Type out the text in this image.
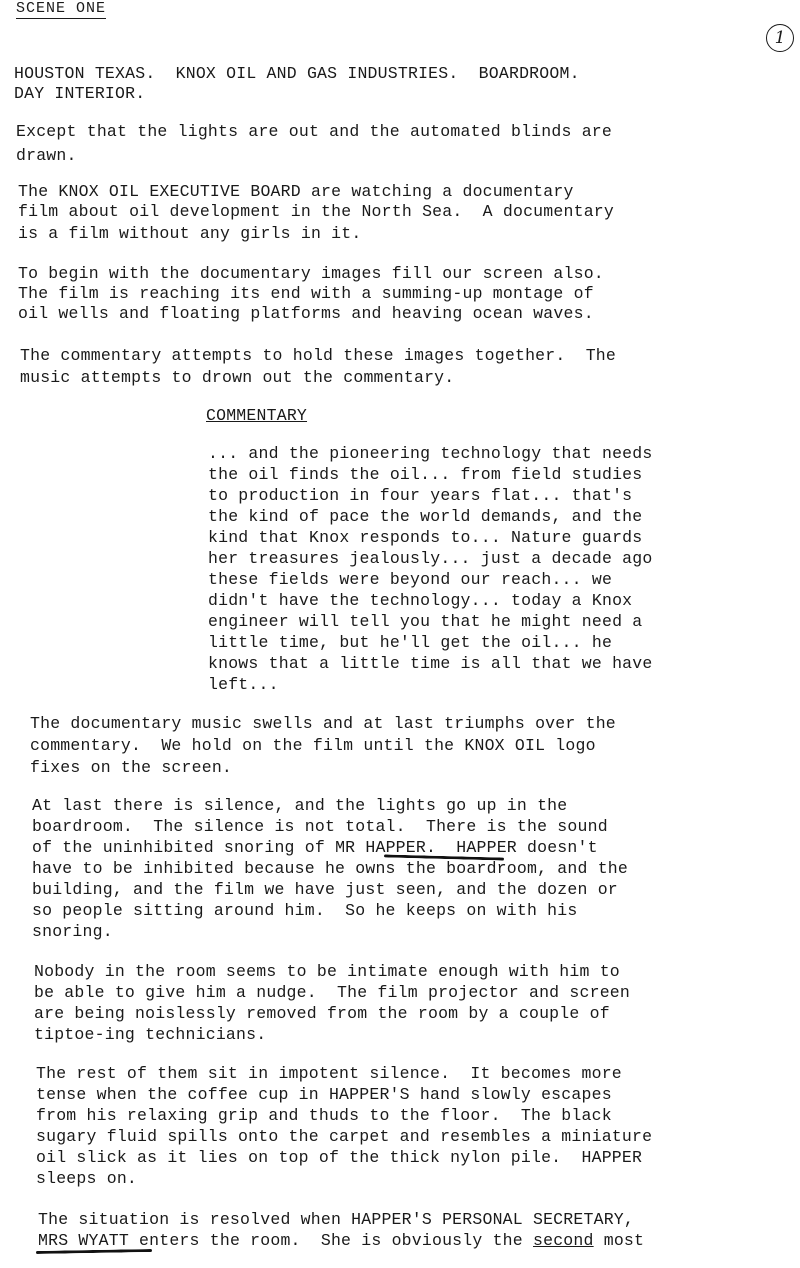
SCENE ONE
1
HOUSTON TEXAS.  KNOX OIL AND GAS INDUSTRIES.  BOARDROOM.
DAY INTERIOR.
Except that the lights are out and the automated blinds are
drawn.
The KNOX OIL EXECUTIVE BOARD are watching a documentary
film about oil development in the North Sea.  A documentary
is a film without any girls in it.
To begin with the documentary images fill our screen also.
The film is reaching its end with a summing-up montage of
oil wells and floating platforms and heaving ocean waves.
The commentary attempts to hold these images together.  The
music attempts to drown out the commentary.
COMMENTARY
... and the pioneering technology that needs
the oil finds the oil... from field studies
to production in four years flat... that's
the kind of pace the world demands, and the
kind that Knox responds to... Nature guards
her treasures jealously... just a decade ago
these fields were beyond our reach... we
didn't have the technology... today a Knox
engineer will tell you that he might need a
little time, but he'll get the oil... he
knows that a little time is all that we have
left...
The documentary music swells and at last triumphs over the
commentary.  We hold on the film until the KNOX OIL logo
fixes on the screen.
At last there is silence, and the lights go up in the
boardroom.  The silence is not total.  There is the sound
of the uninhibited snoring of MR HAPPER.  HAPPER doesn't
have to be inhibited because he owns the boardroom, and the
building, and the film we have just seen, and the dozen or
so people sitting around him.  So he keeps on with his
snoring.
Nobody in the room seems to be intimate enough with him to
be able to give him a nudge.  The film projector and screen
are being noislessly removed from the room by a couple of
tiptoe-ing technicians.
The rest of them sit in impotent silence.  It becomes more
tense when the coffee cup in HAPPER'S hand slowly escapes
from his relaxing grip and thuds to the floor.  The black
sugary fluid spills onto the carpet and resembles a miniature
oil slick as it lies on top of the thick nylon pile.  HAPPER
sleeps on.
The situation is resolved when HAPPER'S PERSONAL SECRETARY,
MRS WYATT enters the room.  She is obviously the second most
